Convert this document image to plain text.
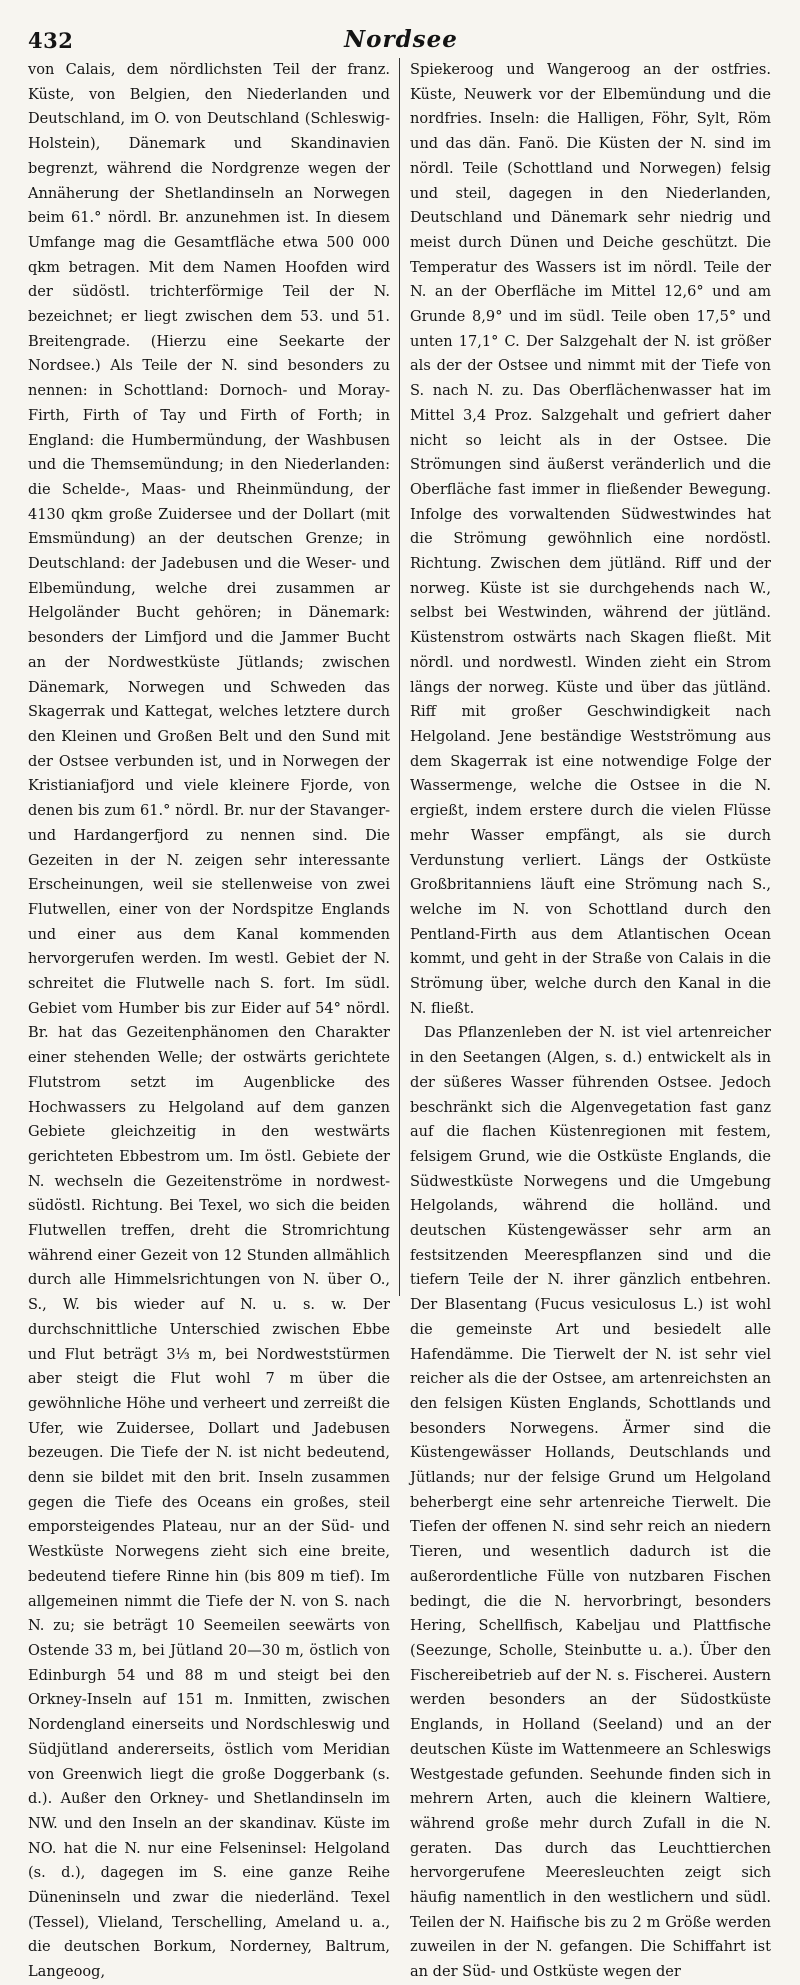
432	Nordsee

von Calais, dem nördlichsten Teil der franz. Küste, von Belgien, den Niederlanden und Deutschland, im O. von Deutschland (Schleswig-Holstein), Dänemark und Skandinavien begrenzt, während die Nordgrenze wegen der Annäherung der Shetlandinseln an Norwegen beim 61.° nördl. Br. anzunehmen ist. In diesem Umfange mag die Gesamtfläche etwa 500 000 qkm betragen. Mit dem Namen Hoofden wird der südöstl. trichterförmige Teil der N. bezeichnet; er liegt zwischen dem 53. und 51. Breitengrade. (Hierzu eine Seekarte der Nordsee.) Als Teile der N. sind besonders zu nennen: in Schottland: Dornoch- und Moray-Firth, Firth of Tay und Firth of Forth; in England: die Humbermündung, der Washbusen und die Themsemündung; in den Niederlanden: die Schelde-, Maas- und Rheinmündung, der 4130 qkm große Zuidersee und der Dollart (mit Emsmündung) an der deutschen Grenze; in Deutschland: der Jadebusen und die Weser- und Elbemündung, welche drei zusammen ar Helgoländer Bucht gehören; in Dänemark: besonders der Limfjord und die Jammer Bucht an der Nordwestküste Jütlands; zwischen Dänemark, Norwegen und Schweden das Skagerrak und Kattegat, welches letztere durch den Kleinen und Großen Belt und den Sund mit der Ostsee verbunden ist, und in Norwegen der Kristianiafjord und viele kleinere Fjorde, von denen bis zum 61.° nördl. Br. nur der Stavanger- und Hardangerfjord zu nennen sind. Die Gezeiten in der N. zeigen sehr interessante Erscheinungen, weil sie stellenweise von zwei Flutwellen, einer von der Nordspitze Englands und einer aus dem Kanal kommenden hervorgerufen werden. Im westl. Gebiet der N. schreitet die Flutwelle nach S. fort. Im südl. Gebiet vom Humber bis zur Eider auf 54° nördl. Br. hat das Gezeitenphänomen den Charakter einer stehenden Welle; der ostwärts gerichtete Flutstrom setzt im Augenblicke des Hochwassers zu Helgoland auf dem ganzen Gebiete gleichzeitig in den westwärts gerichteten Ebbestrom um. Im östl. Gebiete der N. wechseln die Gezeitenströme in nordwest-südöstl. Richtung. Bei Texel, wo sich die beiden Flutwellen treffen, dreht die Stromrichtung während einer Gezeit von 12 Stunden allmählich durch alle Himmelsrichtungen von N. über O., S., W. bis wieder auf N. u. s. w. Der durchschnittliche Unterschied zwischen Ebbe und Flut beträgt 3⅓ m, bei Nordweststürmen aber steigt die Flut wohl 7 m über die gewöhnliche Höhe und verheert und zerreißt die Ufer, wie Zuidersee, Dollart und Jadebusen bezeugen. Die Tiefe der N. ist nicht bedeutend, denn sie bildet mit den brit. Inseln zusammen gegen die Tiefe des Oceans ein großes, steil emporsteigendes Plateau, nur an der Süd- und Westküste Norwegens zieht sich eine breite, bedeutend tiefere Rinne hin (bis 809 m tief). Im allgemeinen nimmt die Tiefe der N. von S. nach N. zu; sie beträgt 10 Seemeilen seewärts von Ostende 33 m, bei Jütland 20—30 m, östlich von Edinburgh 54 und 88 m und steigt bei den Orkney-Inseln auf 151 m. Inmitten, zwischen Nordengland einerseits und Nordschleswig und Südjütland andererseits, östlich vom Meridian von Greenwich liegt die große Doggerbank (s. d.). Außer den Orkney- und Shetlandinseln im NW. und den Inseln an der skandinav. Küste im NO. hat die N. nur eine Felseninsel: Helgoland (s. d.), dagegen im S. eine ganze Reihe Düneninseln und zwar die niederländ. Texel (Tessel), Vlieland, Terschelling, Ameland u. a., die deutschen Borkum, Norderney, Baltrum, Langeoog,

Spiekeroog und Wangeroog an der ostfries. Küste, Neuwerk vor der Elbemündung und die nordfries. Inseln: die Halligen, Föhr, Sylt, Röm und das dän. Fanö. Die Küsten der N. sind im nördl. Teile (Schottland und Norwegen) felsig und steil, dagegen in den Niederlanden, Deutschland und Dänemark sehr niedrig und meist durch Dünen und Deiche geschützt. Die Temperatur des Wassers ist im nördl. Teile der N. an der Oberfläche im Mittel 12,6° und am Grunde 8,9° und im südl. Teile oben 17,5° und unten 17,1° C. Der Salzgehalt der N. ist größer als der der Ostsee und nimmt mit der Tiefe von S. nach N. zu. Das Oberflächenwasser hat im Mittel 3,4 Proz. Salzgehalt und gefriert daher nicht so leicht als in der Ostsee. Die Strömungen sind äußerst veränderlich und die Oberfläche fast immer in fließender Bewegung. Infolge des vorwaltenden Südwestwindes hat die Strömung gewöhnlich eine nordöstl. Richtung. Zwischen dem jütländ. Riff und der norweg. Küste ist sie durchgehends nach W., selbst bei Westwinden, während der jütländ. Küstenstrom ostwärts nach Skagen fließt. Mit nördl. und nordwestl. Winden zieht ein Strom längs der norweg. Küste und über das jütländ. Riff mit großer Geschwindigkeit nach Helgoland. Jene beständige Westströmung aus dem Skagerrak ist eine notwendige Folge der Wassermenge, welche die Ostsee in die N. ergießt, indem erstere durch die vielen Flüsse mehr Wasser empfängt, als sie durch Verdunstung verliert. Längs der Ostküste Großbritanniens läuft eine Strömung nach S., welche im N. von Schottland durch den Pentland-Firth aus dem Atlantischen Ocean kommt, und geht in der Straße von Calais in die Strömung über, welche durch den Kanal in die N. fließt.

Das Pflanzenleben der N. ist viel artenreicher in den Seetangen (Algen, s. d.) entwickelt als in der süßeres Wasser führenden Ostsee. Jedoch beschränkt sich die Algenvegetation fast ganz auf die flachen Küstenregionen mit festem, felsigem Grund, wie die Ostküste Englands, die Südwestküste Norwegens und die Umgebung Helgolands, während die holländ. und deutschen Küstengewässer sehr arm an festsitzenden Meerespflanzen sind und die tiefern Teile der N. ihrer gänzlich entbehren. Der Blasentang (Fucus vesiculosus L.) ist wohl die gemeinste Art und besiedelt alle Hafendämme. Die Tierwelt der N. ist sehr viel reicher als die der Ostsee, am artenreichsten an den felsigen Küsten Englands, Schottlands und besonders Norwegens. Ärmer sind die Küstengewässer Hollands, Deutschlands und Jütlands; nur der felsige Grund um Helgoland beherbergt eine sehr artenreiche Tierwelt. Die Tiefen der offenen N. sind sehr reich an niedern Tieren, und wesentlich dadurch ist die außerordentliche Fülle von nutzbaren Fischen bedingt, die die N. hervorbringt, besonders Hering, Schellfisch, Kabeljau und Plattfische (Seezunge, Scholle, Steinbutte u. a.). Über den Fischereibetrieb auf der N. s. Fischerei. Austern werden besonders an der Südostküste Englands, in Holland (Seeland) und an der deutschen Küste im Wattenmeere an Schleswigs Westgestade gefunden. Seehunde finden sich in mehrern Arten, auch die kleinern Waltiere, während große mehr durch Zufall in die N. geraten. Das durch das Leuchttierchen hervorgerufene Meeresleuchten zeigt sich häufig namentlich in den westlichern und südl. Teilen der N. Haifische bis zu 2 m Größe werden zuweilen in der N. gefangen. Die Schiffahrt ist an der Süd- und Ostküste wegen der
